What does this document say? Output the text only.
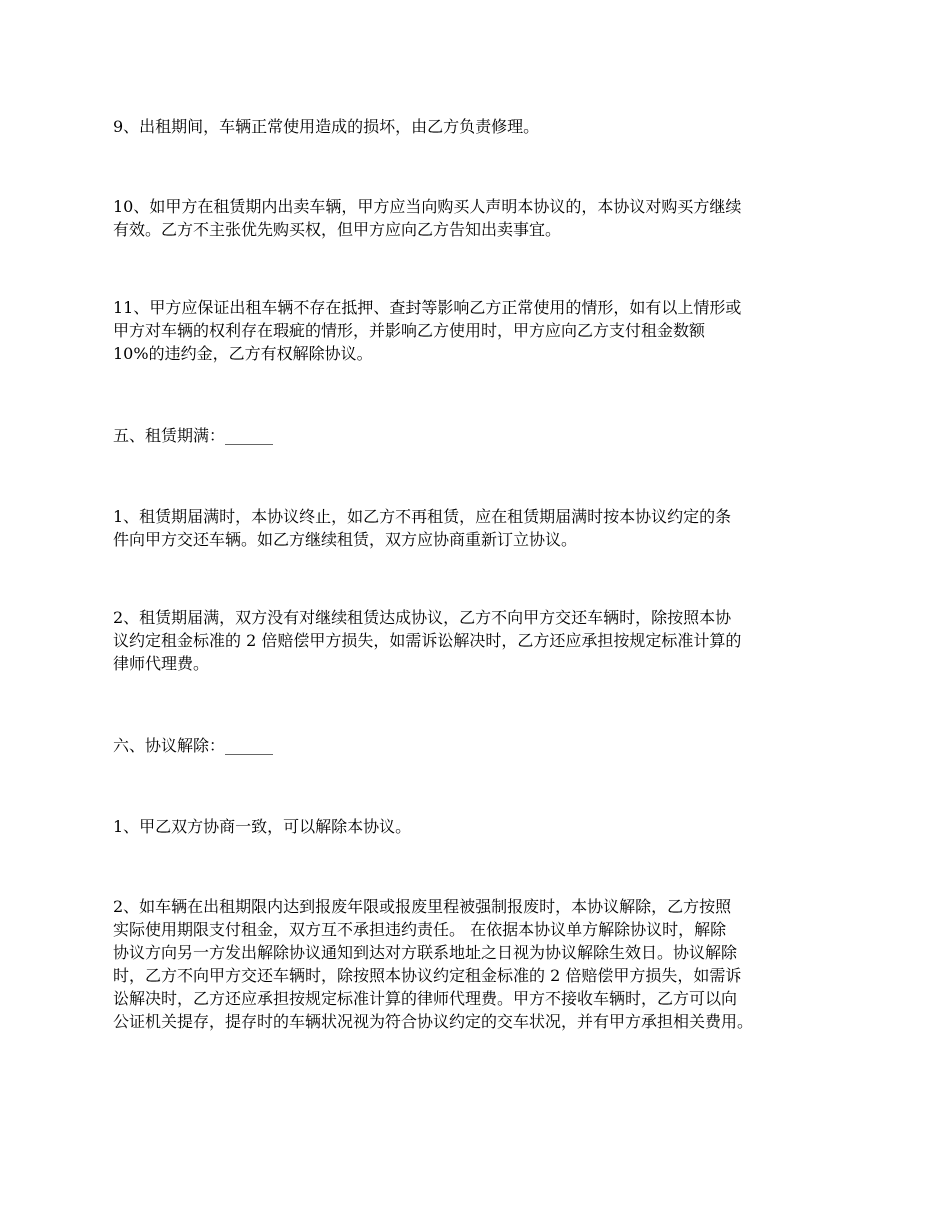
9、出租期间，车辆正常使用造成的损坏，由乙方负责修理。

10、如甲方在租赁期内出卖车辆，甲方应当向购买人声明本协议的，本协议对购买方继续
有效。乙方不主张优先购买权，但甲方应向乙方告知出卖事宜。

11、甲方应保证出租车辆不存在抵押、查封等影响乙方正常使用的情形，如有以上情形或
甲方对车辆的权利存在瑕疵的情形，并影响乙方使用时，甲方应向乙方支付租金数额
10%的违约金，乙方有权解除协议。

五、租赁期满：______

1、租赁期届满时，本协议终止，如乙方不再租赁，应在租赁期届满时按本协议约定的条
件向甲方交还车辆。如乙方继续租赁，双方应协商重新订立协议。

2、租赁期届满，双方没有对继续租赁达成协议，乙方不向甲方交还车辆时，除按照本协
议约定租金标准的 2 倍赔偿甲方损失，如需诉讼解决时，乙方还应承担按规定标准计算的
律师代理费。

六、协议解除：______

1、甲乙双方协商一致，可以解除本协议。

2、如车辆在出租期限内达到报废年限或报废里程被强制报废时，本协议解除，乙方按照
实际使用期限支付租金，双方互不承担违约责任。 在依据本协议单方解除协议时，解除
协议方向另一方发出解除协议通知到达对方联系地址之日视为协议解除生效日。协议解除
时，乙方不向甲方交还车辆时，除按照本协议约定租金标准的 2 倍赔偿甲方损失，如需诉
讼解决时，乙方还应承担按规定标准计算的律师代理费。甲方不接收车辆时，乙方可以向
公证机关提存，提存时的车辆状况视为符合协议约定的交车状况，并有甲方承担相关费用。
